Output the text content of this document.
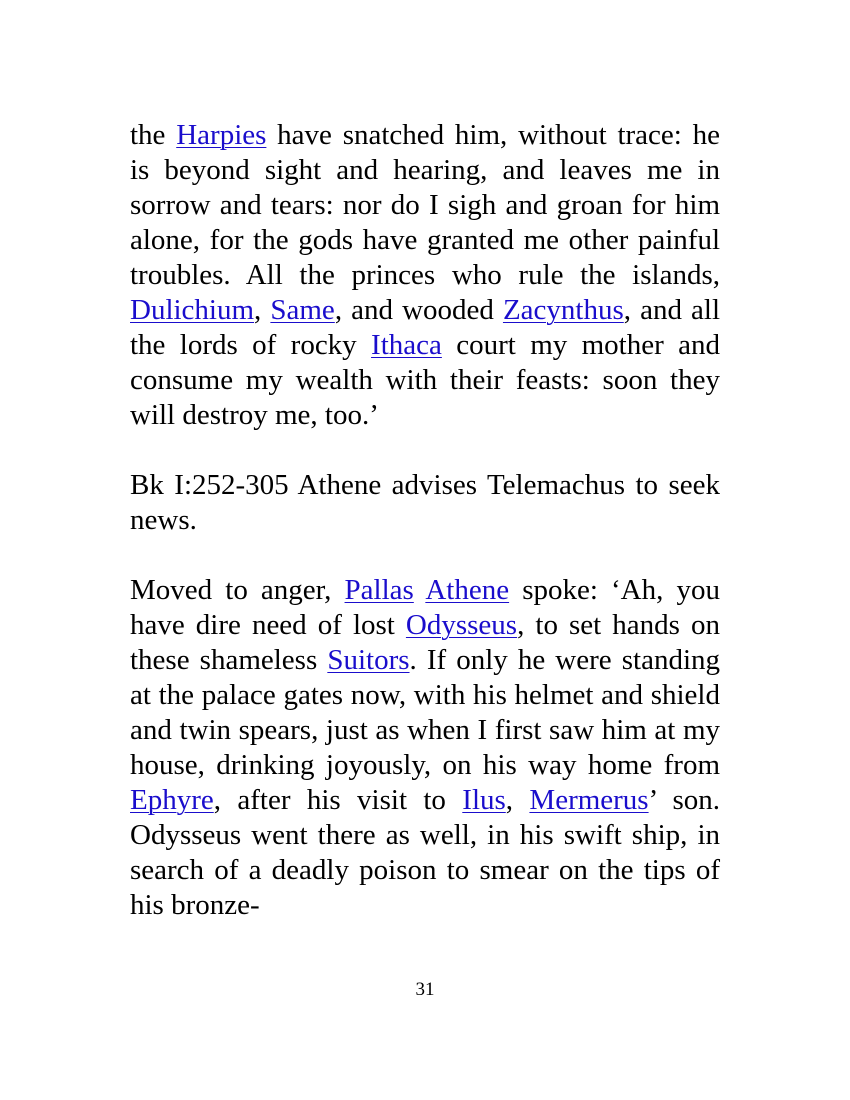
the Harpies have snatched him, without trace: he is beyond sight and hearing, and leaves me in sorrow and tears: nor do I sigh and groan for him alone, for the gods have granted me other painful troubles. All the princes who rule the islands, Dulichium, Same, and wooded Zacynthus, and all the lords of rocky Ithaca court my mother and consume my wealth with their feasts: soon they will destroy me, too.’

Bk I:252-305 Athene advises Telemachus to seek news.

Moved to anger, Pallas Athene spoke: ‘Ah, you have dire need of lost Odysseus, to set hands on these shameless Suitors. If only he were standing at the palace gates now, with his helmet and shield and twin spears, just as when I first saw him at my house, drinking joyously, on his way home from Ephyre, after his visit to Ilus, Mermerus’ son. Odysseus went there as well, in his swift ship, in search of a deadly poison to smear on the tips of his bronze-

31
